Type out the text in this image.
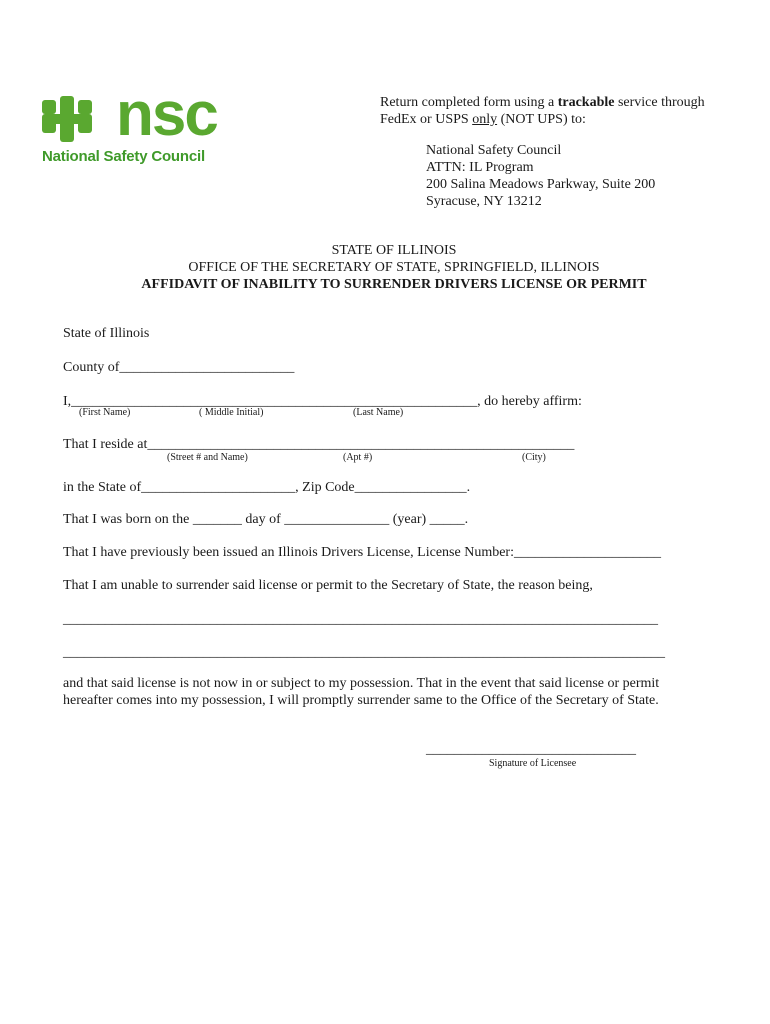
nsc
National Safety Council
Return completed form using a trackable service through
FedEx or USPS only (NOT UPS) to:
National Safety Council
ATTN: IL Program
200 Salina Meadows Parkway, Suite 200
Syracuse, NY 13212
STATE OF ILLINOIS
OFFICE OF THE SECRETARY OF STATE, SPRINGFIELD, ILLINOIS
AFFIDAVIT OF INABILITY TO SURRENDER DRIVERS LICENSE OR PERMIT
State of Illinois
County of_________________________
I,__________________________________________________________, do hereby affirm:
(First Name)	( Middle Initial)	(Last Name)
That I reside at_____________________________________________________________
(Street # and Name)	(Apt #)	(City)
in the State of______________________, Zip Code________________.
That I was born on the _______ day of _______________ (year) _____.
That I have previously been issued an Illinois Drivers License, License Number:_____________________
That I am unable to surrender said license or permit to the Secretary of State, the reason being,
_____________________________________________________________________________________
______________________________________________________________________________________
and that said license is not now in or subject to my possession. That in the event that said license or permit
hereafter comes into my possession, I will promptly surrender same to the Office of the Secretary of State.
______________________________
Signature of Licensee
